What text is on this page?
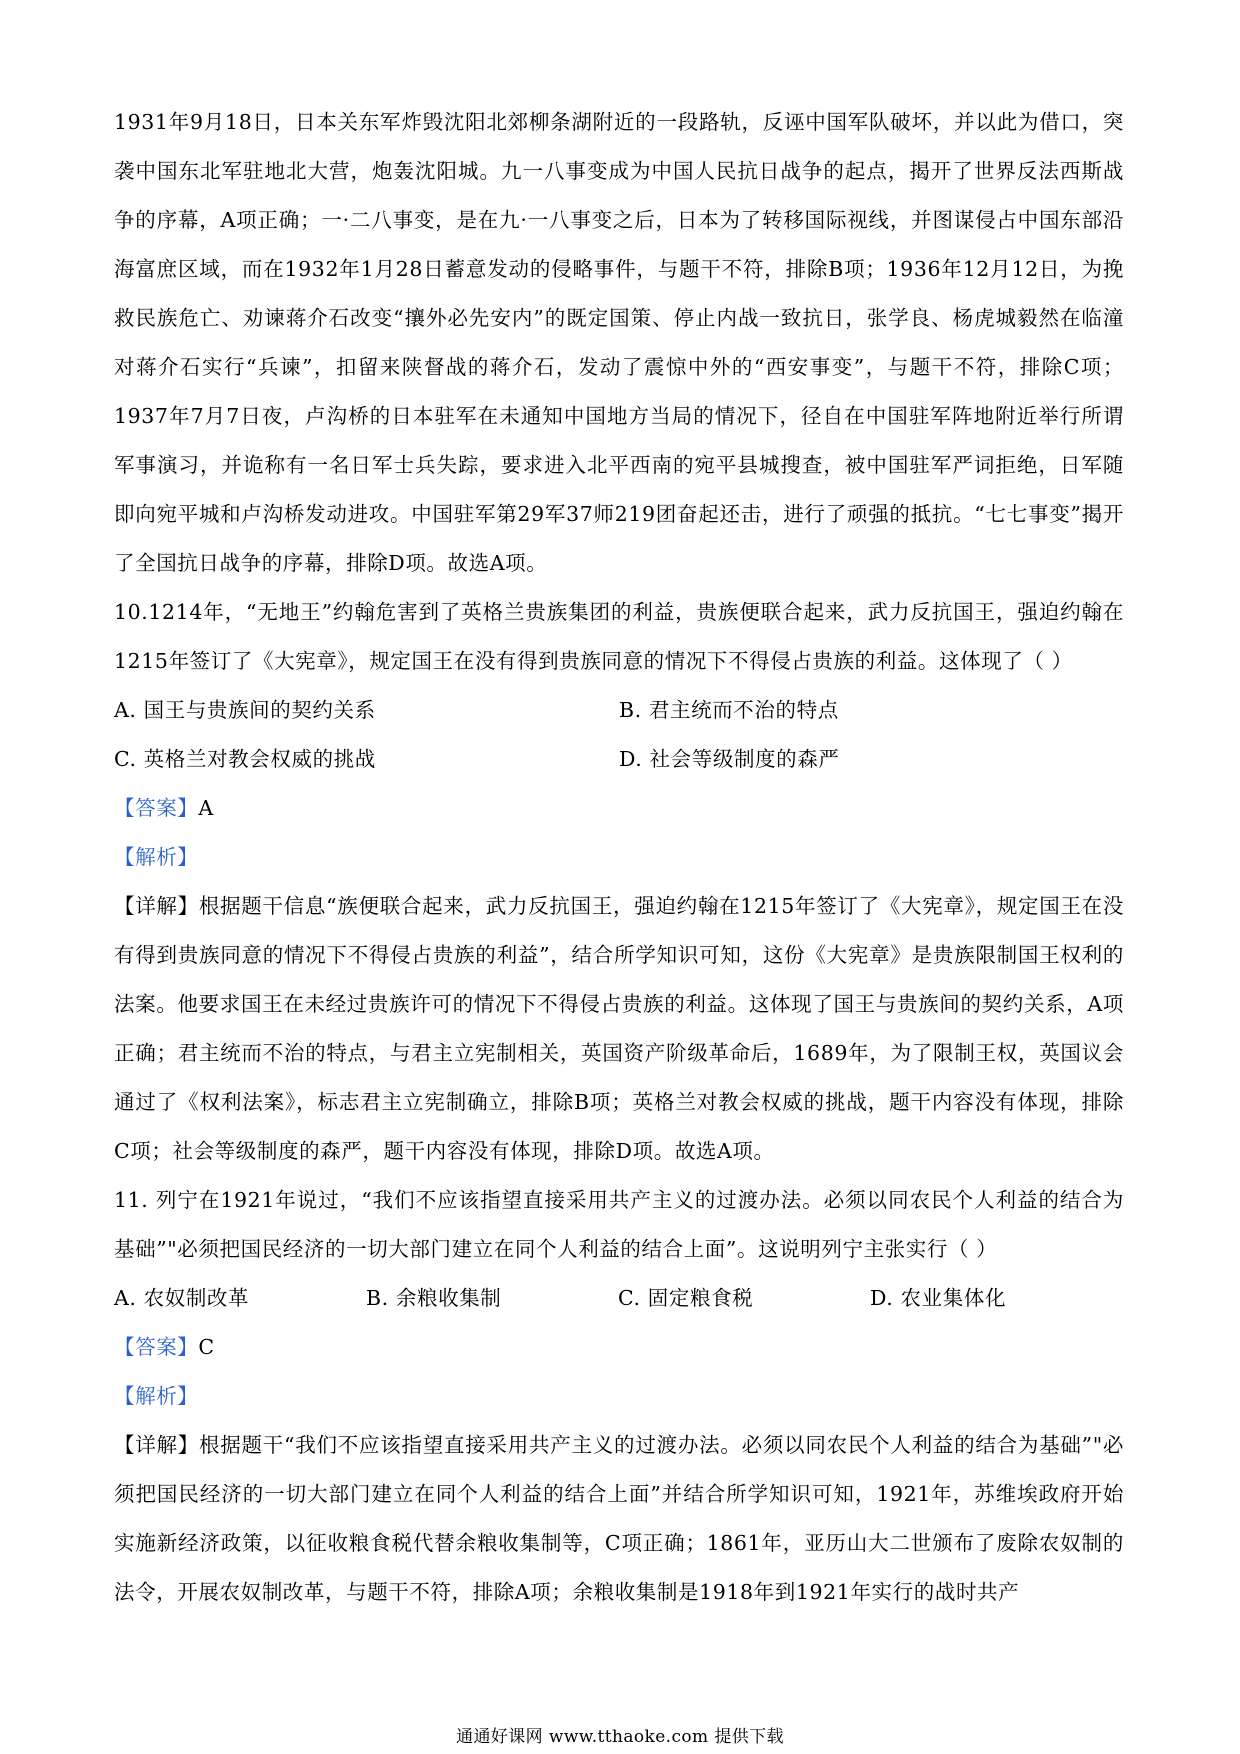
1931年9月18日，日本关东军炸毁沈阳北郊柳条湖附近的一段路轨，反诬中国军队破坏，并以此为借口，突袭中国东北军驻地北大营，炮轰沈阳城。九一八事变成为中国人民抗日战争的起点，揭开了世界反法西斯战争的序幕，A项正确；一·二八事变，是在九·一八事变之后，日本为了转移国际视线，并图谋侵占中国东部沿海富庶区域，而在1932年1月28日蓄意发动的侵略事件，与题干不符，排除B项；1936年12月12日，为挽救民族危亡、劝谏蒋介石改变“攘外必先安内”的既定国策、停止内战一致抗日，张学良、杨虎城毅然在临潼对蒋介石实行“兵谏”，扣留来陕督战的蒋介石，发动了震惊中外的“西安事变”，与题干不符，排除C项；1937年7月7日夜，卢沟桥的日本驻军在未通知中国地方当局的情况下，径自在中国驻军阵地附近举行所谓军事演习，并诡称有一名日军士兵失踪，要求进入北平西南的宛平县城搜查，被中国驻军严词拒绝，日军随即向宛平城和卢沟桥发动进攻。中国驻军第29军37师219团奋起还击，进行了顽强的抵抗。“七七事变”揭开了全国抗日战争的序幕，排除D项。故选A项。

10.1214年，“无地王”约翰危害到了英格兰贵族集团的利益，贵族便联合起来，武力反抗国王，强迫约翰在1215年签订了《大宪章》，规定国王在没有得到贵族同意的情况下不得侵占贵族的利益。这体现了（ ）

A. 国王与贵族间的契约关系	B. 君主统而不治的特点
C. 英格兰对教会权威的挑战	D. 社会等级制度的森严

【答案】A

【解析】

【详解】根据题干信息“族便联合起来，武力反抗国王，强迫约翰在1215年签订了《大宪章》，规定国王在没有得到贵族同意的情况下不得侵占贵族的利益”，结合所学知识可知，这份《大宪章》是贵族限制国王权利的法案。他要求国王在未经过贵族许可的情况下不得侵占贵族的利益。这体现了国王与贵族间的契约关系，A项正确；君主统而不治的特点，与君主立宪制相关，英国资产阶级革命后，1689年，为了限制王权，英国议会通过了《权利法案》，标志君主立宪制确立，排除B项；英格兰对教会权威的挑战，题干内容没有体现，排除C项；社会等级制度的森严，题干内容没有体现，排除D项。故选A项。

11. 列宁在1921年说过，“我们不应该指望直接采用共产主义的过渡办法。必须以同农民个人利益的结合为基础”"必须把国民经济的一切大部门建立在同个人利益的结合上面”。这说明列宁主张实行（ ）

A. 农奴制改革	B. 余粮收集制	C. 固定粮食税	D. 农业集体化

【答案】C

【解析】

【详解】根据题干“我们不应该指望直接采用共产主义的过渡办法。必须以同农民个人利益的结合为基础”"必须把国民经济的一切大部门建立在同个人利益的结合上面”并结合所学知识可知，1921年，苏维埃政府开始实施新经济政策，以征收粮食税代替余粮收集制等，C项正确；1861年，亚历山大二世颁布了废除农奴制的法令，开展农奴制改革，与题干不符，排除A项；余粮收集制是1918年到1921年实行的战时共产

通通好课网 www.tthaoke.com 提供下载
